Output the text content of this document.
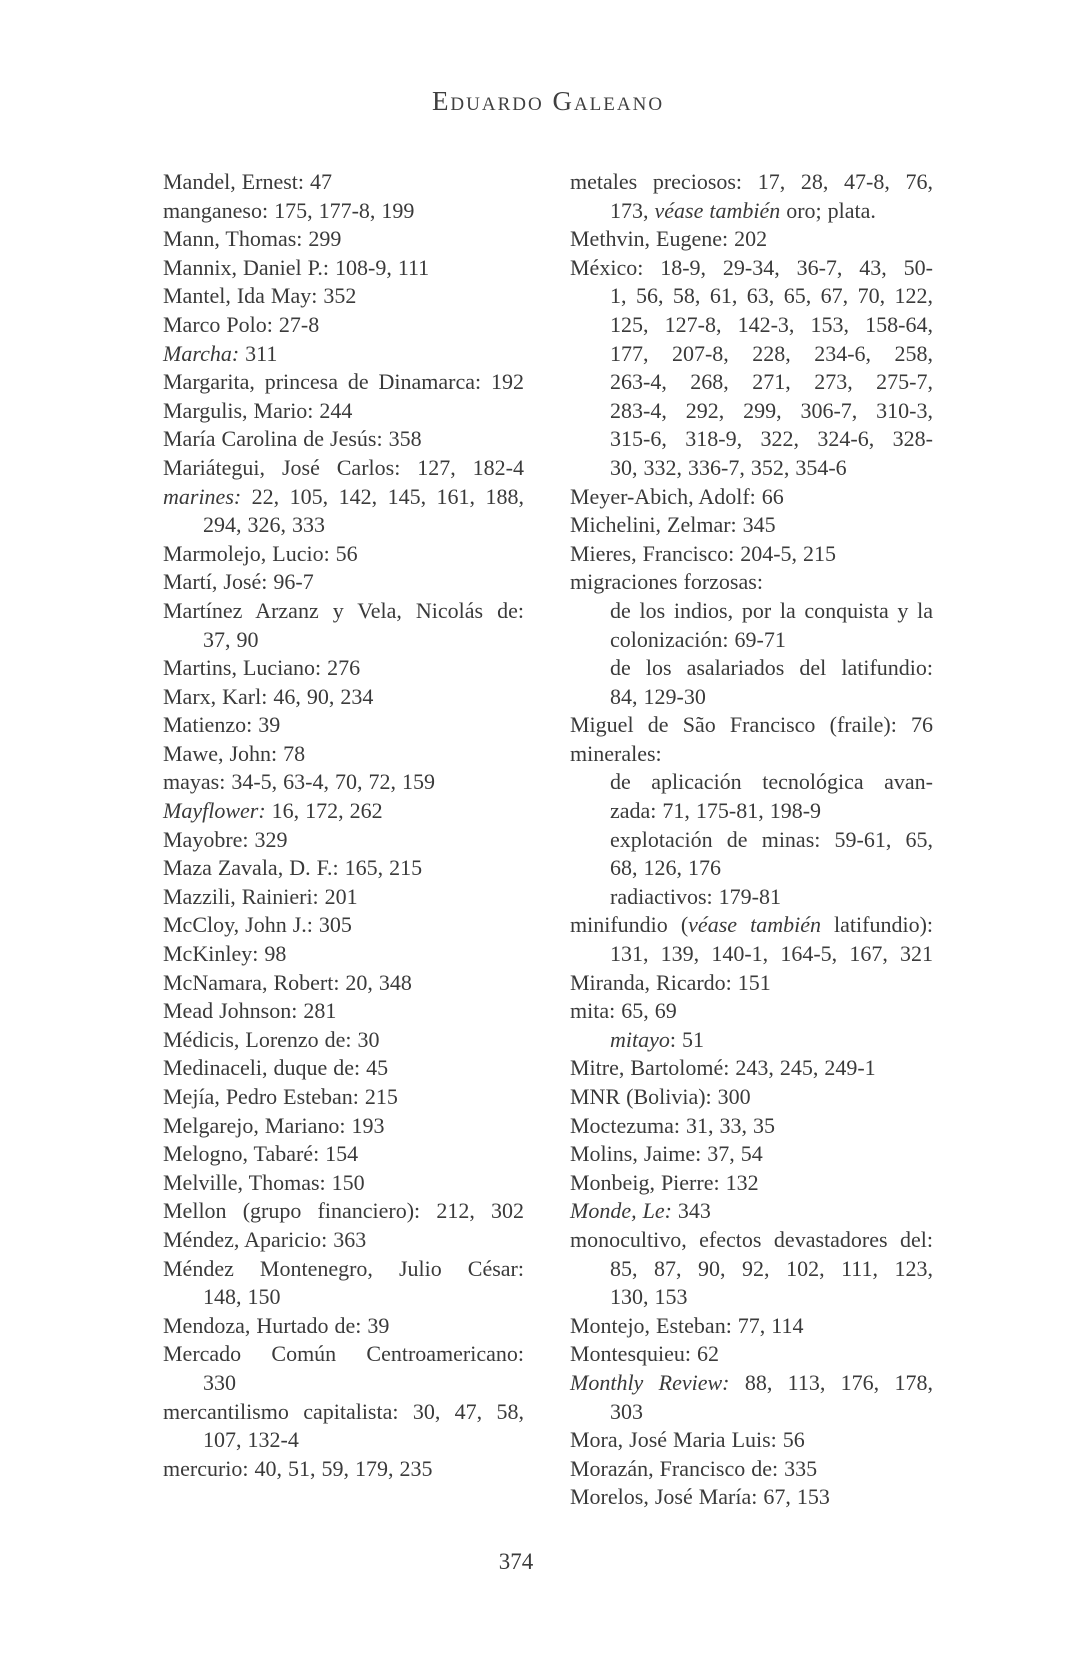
Eduardo Galeano
Mandel, Ernest: 47
manganeso: 175, 177-8, 199
Mann, Thomas: 299
Mannix, Daniel P.: 108-9, 111
Mantel, Ida May: 352
Marco Polo: 27-8
Marcha: 311
Margarita, princesa de Dinamarca: 192
Margulis, Mario: 244
María Carolina de Jesús: 358
Mariátegui, José Carlos: 127, 182-4
marines: 22, 105, 142, 145, 161, 188,
294, 326, 333
Marmolejo, Lucio: 56
Martí, José: 96-7
Martínez Arzanz y Vela, Nicolás de:
37, 90
Martins, Luciano: 276
Marx, Karl: 46, 90, 234
Matienzo: 39
Mawe, John: 78
mayas: 34-5, 63-4, 70, 72, 159
Mayflower: 16, 172, 262
Mayobre: 329
Maza Zavala, D. F.: 165, 215
Mazzili, Rainieri: 201
McCloy, John J.: 305
McKinley: 98
McNamara, Robert: 20, 348
Mead Johnson: 281
Médicis, Lorenzo de: 30
Medinaceli, duque de: 45
Mejía, Pedro Esteban: 215
Melgarejo, Mariano: 193
Melogno, Tabaré: 154
Melville, Thomas: 150
Mellon (grupo financiero): 212, 302
Méndez, Aparicio: 363
Méndez Montenegro, Julio César:
148, 150
Mendoza, Hurtado de: 39
Mercado Común Centroamericano:
330
mercantilismo capitalista: 30, 47, 58,
107, 132-4
mercurio: 40, 51, 59, 179, 235
metales preciosos: 17, 28, 47-8, 76,
173, véase también oro; plata.
Methvin, Eugene: 202
México: 18-9, 29-34, 36-7, 43, 50-
1, 56, 58, 61, 63, 65, 67, 70, 122,
125, 127-8, 142-3, 153, 158-64,
177, 207-8, 228, 234-6, 258,
263-4, 268, 271, 273, 275-7,
283-4, 292, 299, 306-7, 310-3,
315-6, 318-9, 322, 324-6, 328-
30, 332, 336-7, 352, 354-6
Meyer-Abich, Adolf: 66
Michelini, Zelmar: 345
Mieres, Francisco: 204-5, 215
migraciones forzosas:
de los indios, por la conquista y la
colonización: 69-71
de los asalariados del latifundio:
84, 129-30
Miguel de São Francisco (fraile): 76
minerales:
de aplicación tecnológica avan-
zada: 71, 175-81, 198-9
explotación de minas: 59-61, 65,
68, 126, 176
radiactivos: 179-81
minifundio (véase también latifundio):
131, 139, 140-1, 164-5, 167, 321
Miranda, Ricardo: 151
mita: 65, 69
mitayo: 51
Mitre, Bartolomé: 243, 245, 249-1
MNR (Bolivia): 300
Moctezuma: 31, 33, 35
Molins, Jaime: 37, 54
Monbeig, Pierre: 132
Monde, Le: 343
monocultivo, efectos devastadores del:
85, 87, 90, 92, 102, 111, 123,
130, 153
Montejo, Esteban: 77, 114
Montesquieu: 62
Monthly Review: 88, 113, 176, 178,
303
Mora, José Maria Luis: 56
Morazán, Francisco de: 335
Morelos, José María: 67, 153
374
